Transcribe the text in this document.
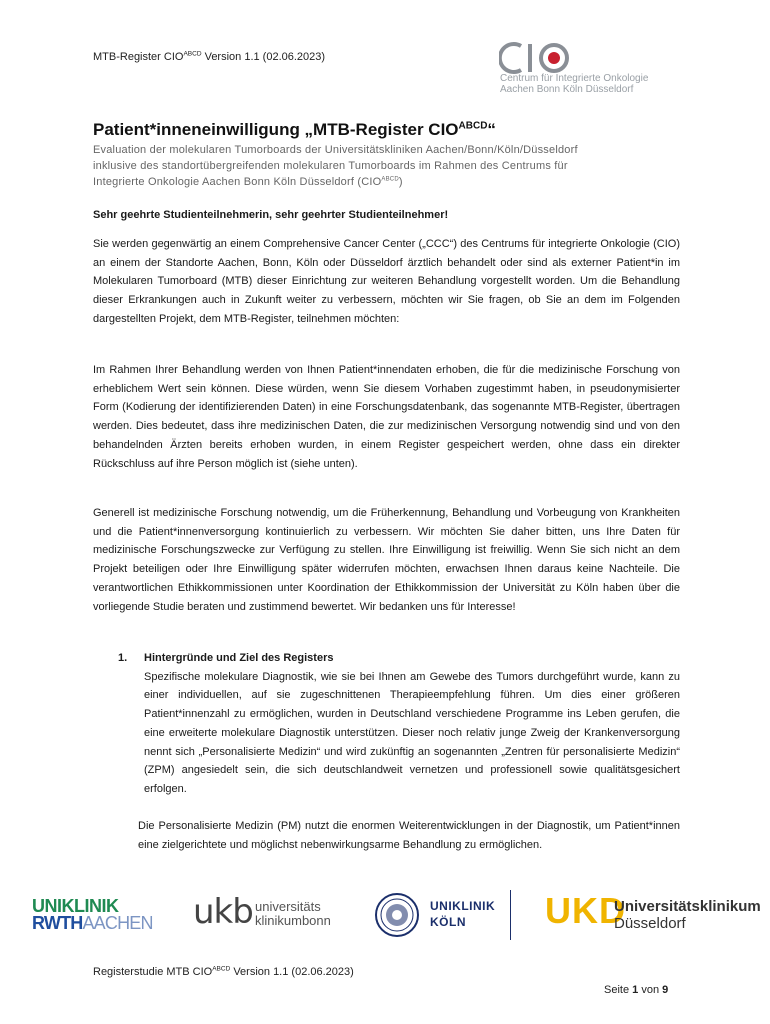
MTB-Register $CIO^{ABCD}$ Version 1.1 (02.06.2023)
Centrum für Integrierte Onkologie
Aachen Bonn Köln Düsseldorf
Patient*inneneinwilligung „MTB-Register $CIO^{ABCD}“$
Evaluation der molekularen Tumorboards der Universitätskliniken Aachen/Bonn/Köln/Düsseldorf
inklusive des standortübergreifenden molekularen Tumorboards im Rahmen des Centrums für
Integrierte Onkologie Aachen Bonn Köln Düsseldorf $(CIO^{ABCD})$
Sehr geehrte Studienteilnehmerin, sehr geehrter Studienteilnehmer!
Sie werden gegenwärtig an einem Comprehensive Cancer Center („CCC“) des Centrums für integrierte Onkologie (CIO) an einem der Standorte Aachen, Bonn, Köln oder Düsseldorf ärztlich behandelt oder sind als externer Patient*in im Molekularen Tumorboard (MTB) dieser Einrichtung zur weiteren Behandlung vorgestellt worden. Um die Behandlung dieser Erkrankungen auch in Zukunft weiter zu verbessern, möchten wir Sie fragen, ob Sie an dem im Folgenden dargestellten Projekt, dem MTB-Register, teilnehmen möchten:
Im Rahmen Ihrer Behandlung werden von Ihnen Patient*innendaten erhoben, die für die medizinische Forschung von erheblichem Wert sein können. Diese würden, wenn Sie diesem Vorhaben zugestimmt haben, in pseudonymisierter Form (Kodierung der identifizierenden Daten) in eine Forschungsdatenbank, das sogenannte MTB-Register, übertragen werden. Dies bedeutet, dass ihre medizinischen Daten, die zur medizinischen Versorgung notwendig sind und von den behandelnden Ärzten bereits erhoben wurden, in einem Register gespeichert werden, ohne dass ein direkter Rückschluss auf ihre Person möglich ist (siehe unten).
Generell ist medizinische Forschung notwendig, um die Früherkennung, Behandlung und Vorbeugung von Krankheiten und die Patient*innenversorgung kontinuierlich zu verbessern. Wir möchten Sie daher bitten, uns Ihre Daten für medizinische Forschungszwecke zur Verfügung zu stellen. Ihre Einwilligung ist freiwillig. Wenn Sie sich nicht an dem Projekt beteiligen oder Ihre Einwilligung später widerrufen möchten, erwachsen Ihnen daraus keine Nachteile. Die verantwortlichen Ethikkommissionen unter Koordination der Ethikkommission der Universität zu Köln haben über die vorliegende Studie beraten und zustimmend bewertet. Wir bedanken uns für Interesse!
1. Hintergründe und Ziel des Registers
Spezifische molekulare Diagnostik, wie sie bei Ihnen am Gewebe des Tumors durchgeführt wurde, kann zu einer individuellen, auf sie zugeschnittenen Therapieempfehlung führen. Um dies einer größeren Patient*innenzahl zu ermöglichen, wurden in Deutschland verschiedene Programme ins Leben gerufen, die eine erweiterte molekulare Diagnostik unterstützen. Dieser noch relativ junge Zweig der Krankenversorgung nennt sich „Personalisierte Medizin“ und wird zukünftig an sogenannten „Zentren für personalisierte Medizin“ (ZPM) angesiedelt sein, die sich deutschlandweit vernetzen und professionell sowie qualitätsgesichert erfolgen.
Die Personalisierte Medizin (PM) nutzt die enormen Weiterentwicklungen in der Diagnostik, um Patient*innen eine zielgerichtete und möglichst nebenwirkungsarme Behandlung zu ermöglichen.
UNIKLINIK
RWTHAACHEN ukb universitäts
klinikumbonn
UNIKLINIK
KÖLN	UKD
Universitätsklinikum
Düsseldorf
Registerstudie MTB $CIO^{ABCD}$ Version 1.1 (02.06.2023)
Seite 1 von 9
